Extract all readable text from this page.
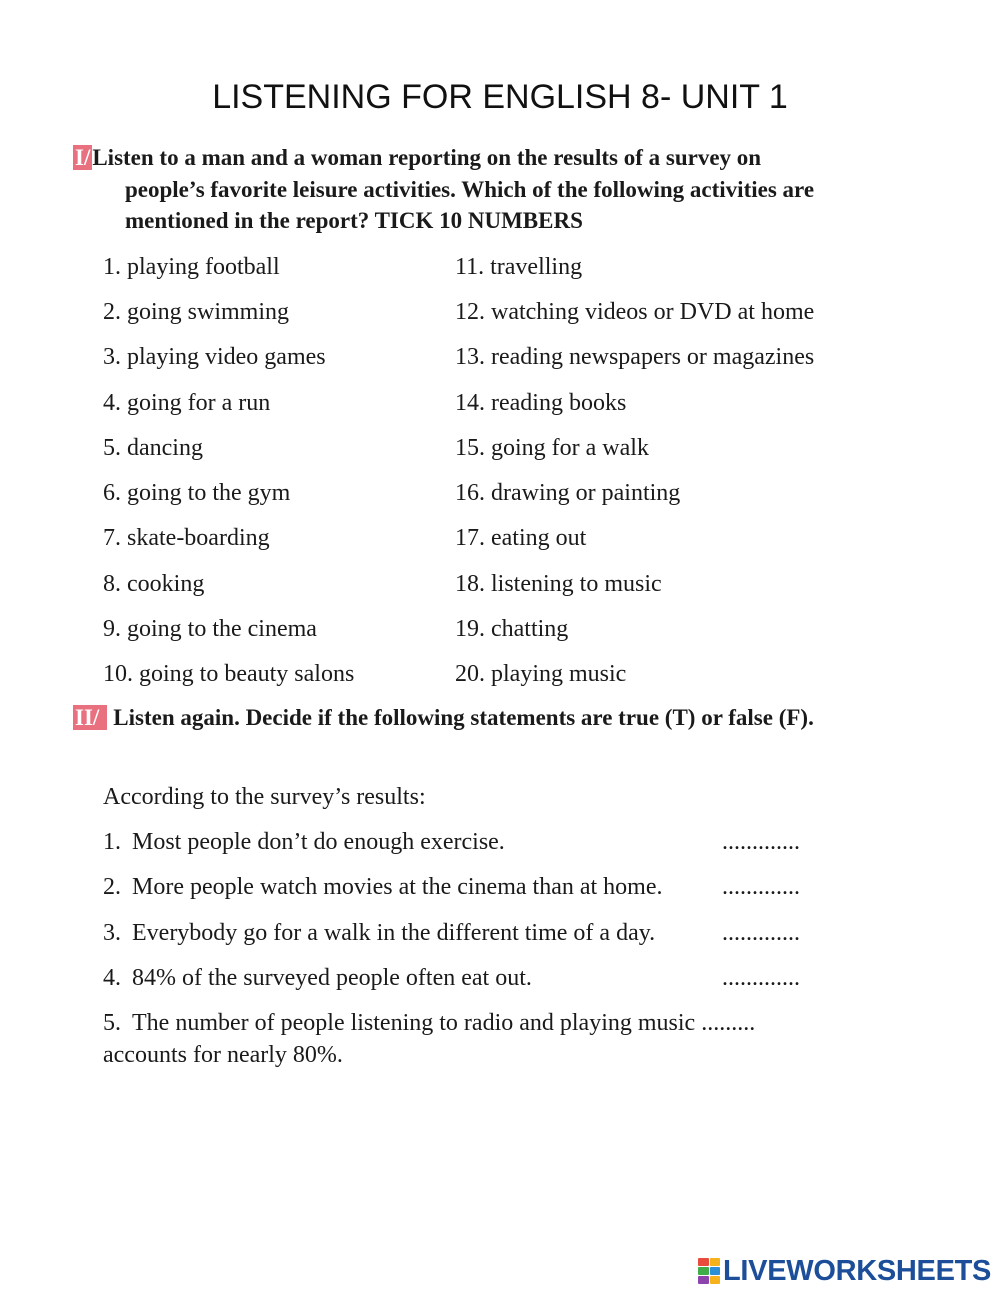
LISTENING FOR ENGLISH 8- UNIT 1
I/Listen to a man and a woman reporting on the results of a survey on
people’s favorite leisure activities. Which of the following activities are
mentioned in the report? TICK 10 NUMBERS
1. playing football
2. going swimming
3. playing video games
4. going for a run
5. dancing
6. going to the gym
7. skate-boarding
8. cooking
9. going to the cinema
10. going to beauty salons
11. travelling
12. watching videos or DVD at home
13. reading newspapers or magazines
14. reading books
15. going for a walk
16. drawing or painting
17. eating out
18. listening to music
19. chatting
20. playing music
II/ Listen again. Decide if the following statements are true (T) or false (F).
According to the survey’s results:
1. Most people don’t do enough exercise.	.............
2. More people watch movies at the cinema than at home. .............
3. Everybody go for a walk in the different time of a day.	.............
4. 84% of the surveyed people often eat out.	.............
5. The number of people listening to radio and playing music .........
accounts for nearly 80%.
LIVEWORKSHEETS
